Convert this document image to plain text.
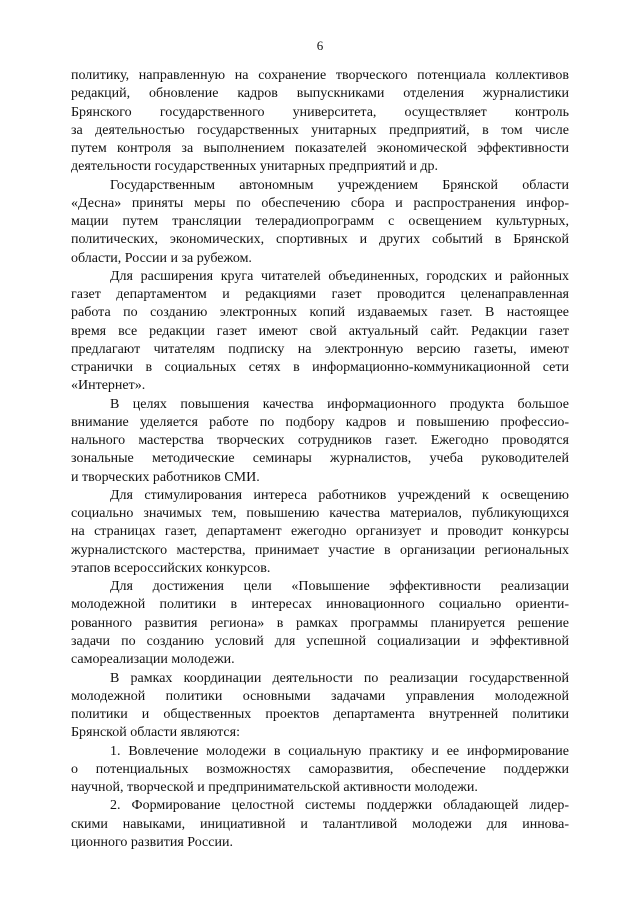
6
политику, направленную на сохранение творческого потенциала коллективов
редакций, обновление кадров выпускниками отделения журналистики
Брянского государственного университета, осуществляет контроль
за деятельностью государственных унитарных предприятий, в том числе
путем контроля за выполнением показателей экономической эффективности
деятельности государственных унитарных предприятий и др.
Государственным автономным учреждением Брянской области
«Десна» приняты меры по обеспечению сбора и распространения инфор-
мации путем трансляции телерадиопрограмм с освещением культурных,
политических, экономических, спортивных и других событий в Брянской
области, России и за рубежом.
Для расширения круга читателей объединенных, городских и районных
газет департаментом и редакциями газет проводится целенаправленная
работа по созданию электронных копий издаваемых газет. В настоящее
время все редакции газет имеют свой актуальный сайт. Редакции газет
предлагают читателям подписку на электронную версию газеты, имеют
странички в социальных сетях в информационно-коммуникационной сети
«Интернет».
В целях повышения качества информационного продукта большое
внимание уделяется работе по подбору кадров и повышению профессио-
нального мастерства творческих сотрудников газет. Ежегодно проводятся
зональные методические семинары журналистов, учеба руководителей
и творческих работников СМИ.
Для стимулирования интереса работников учреждений к освещению
социально значимых тем, повышению качества материалов, публикующихся
на страницах газет, департамент ежегодно организует и проводит конкурсы
журналистского мастерства, принимает участие в организации региональных
этапов всероссийских конкурсов.
Для достижения цели «Повышение эффективности реализации
молодежной политики в интересах инновационного социально ориенти-
рованного развития региона» в рамках программы планируется решение
задачи по созданию условий для успешной социализации и эффективной
самореализации молодежи.
В рамках координации деятельности по реализации государственной
молодежной политики основными задачами управления молодежной
политики и общественных проектов департамента внутренней политики
Брянской области являются:
1. Вовлечение молодежи в социальную практику и ее информирование
о потенциальных возможностях саморазвития, обеспечение поддержки
научной, творческой и предпринимательской активности молодежи.
2. Формирование целостной системы поддержки обладающей лидер-
скими навыками, инициативной и талантливой молодежи для иннова-
ционного развития России.
